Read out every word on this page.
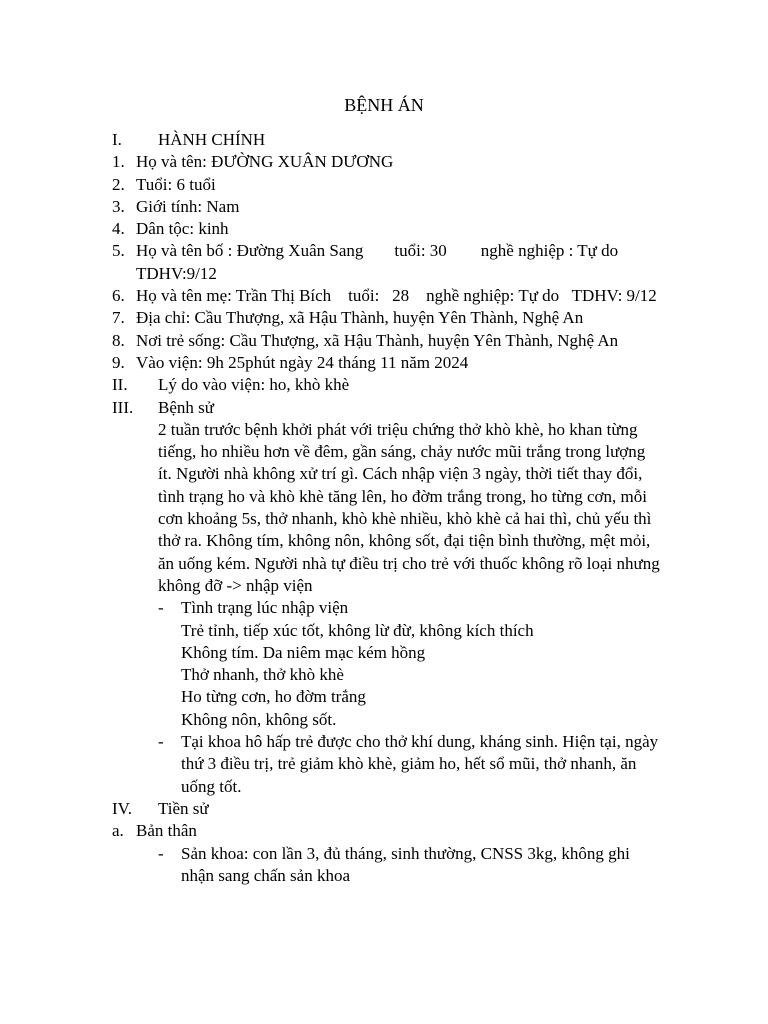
BỆNH ÁN
I.	HÀNH CHÍNH
1. Họ và tên: ĐƯỜNG XUÂN DƯƠNG
2. Tuổi: 6 tuổi
3. Giới tính: Nam
4. Dân tộc: kinh
5. Họ và tên bố : Đường Xuân Sang tuổi: 30 nghề nghiệp : Tự do
TDHV:9/12
6. Họ và tên mẹ: Trần Thị Bích    tuổi:   28    nghề nghiệp: Tự do   TDHV: 9/12
7. Địa chỉ: Cầu Thượng, xã Hậu Thành, huyện Yên Thành, Nghệ An
8. Nơi trẻ sống: Cầu Thượng, xã Hậu Thành, huyện Yên Thành, Nghệ An
9. Vào viện: 9h 25phút ngày 24 tháng 11 năm 2024
II.	Lý do vào viện: ho, khò khè
III.	Bệnh sử
2 tuần trước bệnh khởi phát với triệu chứng thở khò khè, ho khan từng
tiếng, ho nhiều hơn về đêm, gần sáng, chảy nước mũi trắng trong lượng
ít. Người nhà không xử trí gì. Cách nhập viện 3 ngày, thời tiết thay đổi,
tình trạng ho và khò khè tăng lên, ho đờm trắng trong, ho từng cơn, mỗi
cơn khoảng 5s, thở nhanh, khò khè nhiều, khò khè cả hai thì, chủ yếu thì
thở ra. Không tím, không nôn, không sốt, đại tiện bình thường, mệt mỏi,
ăn uống kém. Người nhà tự điều trị cho trẻ với thuốc không rõ loại nhưng
không đỡ -> nhập viện
-	Tình trạng lúc nhập viện
Trẻ tỉnh, tiếp xúc tốt, không lừ đừ, không kích thích
Không tím. Da niêm mạc kém hồng
Thở nhanh, thở khò khè
Ho từng cơn, ho đờm trắng
Không nôn, không sốt.
-	Tại khoa hô hấp trẻ được cho thở khí dung, kháng sinh. Hiện tại, ngày
thứ 3 điều trị, trẻ giảm khò khè, giảm ho, hết sổ mũi, thở nhanh, ăn
uống tốt.
IV.	Tiền sử
a. Bản thân
-	Sản khoa: con lần 3, đủ tháng, sinh thường, CNSS 3kg, không ghi
nhận sang chấn sản khoa
